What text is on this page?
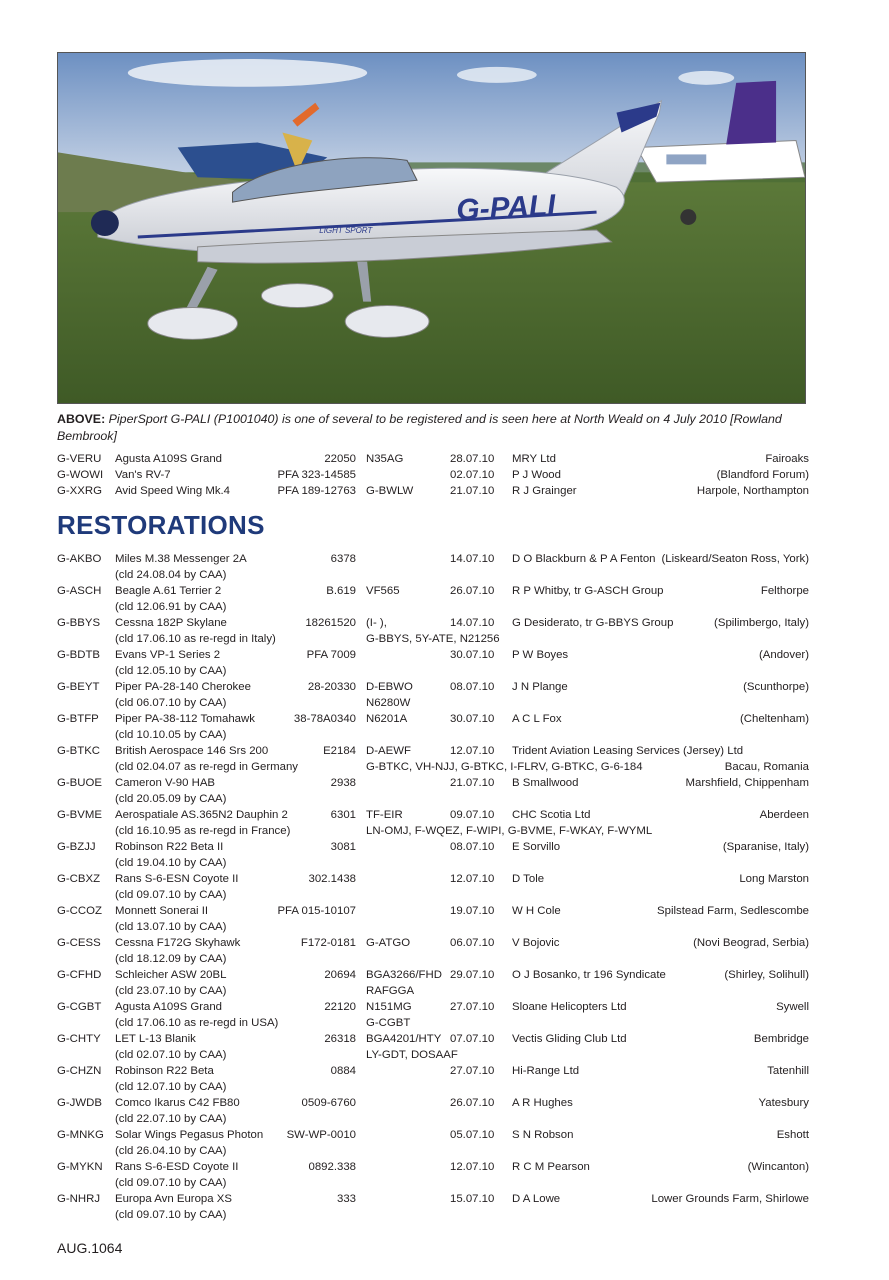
G-PALI
LIGHT SPORT
ABOVE: PiperSport G-PALI (P1001040) is one of several to be registered and is seen here at North Weald on 4 July 2010 [Rowland Bembrook]
G-VERU Agusta A109S Grand	22050 N35AG	28.07.10 MRY Ltd	Fairoaks
G-WOWI Van's RV-7	PFA 323-14585	02.07.10 P J Wood	(Blandford Forum)
G-XXRG Avid Speed Wing Mk.4	PFA 189-12763 G-BWLW	21.07.10 R J Grainger	Harpole, Northampton
RESTORATIONS
G-AKBO Miles M.38 Messenger 2A	6378	14.07.10 D O Blackburn & P A Fenton (Liskeard/Seaton Ross, York)
(cld 24.08.04 by CAA)
G-ASCH Beagle A.61 Terrier 2	B.619 VF565	26.07.10 R P Whitby, tr G-ASCH Group	Felthorpe
(cld 12.06.91 by CAA)
G-BBYS Cessna 182P Skylane	18261520 (I- ),	14.07.10 G Desiderato, tr G-BBYS Group	(Spilimbergo, Italy)
(cld 17.06.10 as re-regd in Italy)	G-BBYS, 5Y-ATE, N21256
G-BDTB Evans VP-1 Series 2	PFA 7009	30.07.10 P W Boyes	(Andover)
(cld 12.05.10 by CAA)
G-BEYT Piper PA-28-140 Cherokee	28-20330 D-EBWO	08.07.10 J N Plange	(Scunthorpe)
(cld 06.07.10 by CAA)	N6280W
G-BTFP Piper PA-38-112 Tomahawk	38-78A0340 N6201A	30.07.10 A C L Fox	(Cheltenham)
(cld 10.10.05 by CAA)
G-BTKC British Aerospace 146 Srs 200	E2184 D-AEWF	12.07.10 Trident Aviation Leasing Services (Jersey) Ltd
(cld 02.04.07 as re-regd in Germany	G-BTKC, VH-NJJ, G-BTKC, I-FLRV, G-BTKC, G-6-184	Bacau, Romania
G-BUOE Cameron V-90 HAB	2938	21.07.10 B Smallwood	Marshfield, Chippenham
(cld 20.05.09 by CAA)
G-BVME Aerospatiale AS.365N2 Dauphin 2	6301 TF-EIR	09.07.10 CHC Scotia Ltd	Aberdeen
(cld 16.10.95 as re-regd in France)	LN-OMJ, F-WQEZ, F-WIPI, G-BVME, F-WKAY, F-WYML
G-BZJJ Robinson R22 Beta II	3081	08.07.10 E Sorvillo	(Sparanise, Italy)
(cld 19.04.10 by CAA)
G-CBXZ Rans S-6-ESN Coyote II	302.1438	12.07.10 D Tole	Long Marston
(cld 09.07.10 by CAA)
G-CCOZ Monnett Sonerai II	PFA 015-10107	19.07.10 W H Cole	Spilstead Farm, Sedlescombe
(cld 13.07.10 by CAA)
G-CESS Cessna F172G Skyhawk	F172-0181 G-ATGO	06.07.10 V Bojovic	(Novi Beograd, Serbia)
(cld 18.12.09 by CAA)
G-CFHD Schleicher ASW 20BL	20694 BGA3266/FHD 29.07.10 O J Bosanko, tr 196 Syndicate	(Shirley, Solihull)
(cld 23.07.10 by CAA)	RAFGGA
G-CGBT Agusta A109S Grand	22120 N151MG	27.07.10 Sloane Helicopters Ltd	Sywell
(cld 17.06.10 as re-regd in USA)	G-CGBT
G-CHTY LET L-13 Blanik	26318 BGA4201/HTY 07.07.10 Vectis Gliding Club Ltd	Bembridge
(cld 02.07.10 by CAA)	LY-GDT, DOSAAF
G-CHZN Robinson R22 Beta	0884	27.07.10 Hi-Range Ltd	Tatenhill
(cld 12.07.10 by CAA)
G-JWDB Comco Ikarus C42 FB80	0509-6760	26.07.10 A R Hughes	Yatesbury
(cld 22.07.10 by CAA)
G-MNKG Solar Wings Pegasus Photon SW-WP-0010	05.07.10 S N Robson	Eshott
(cld 26.04.10 by CAA)
G-MYKN Rans S-6-ESD Coyote II	0892.338	12.07.10 R C M Pearson	(Wincanton)
(cld 09.07.10 by CAA)
G-NHRJ Europa Avn Europa XS	333	15.07.10 D A Lowe	Lower Grounds Farm, Shirlowe
(cld 09.07.10 by CAA)
AUG.1064
